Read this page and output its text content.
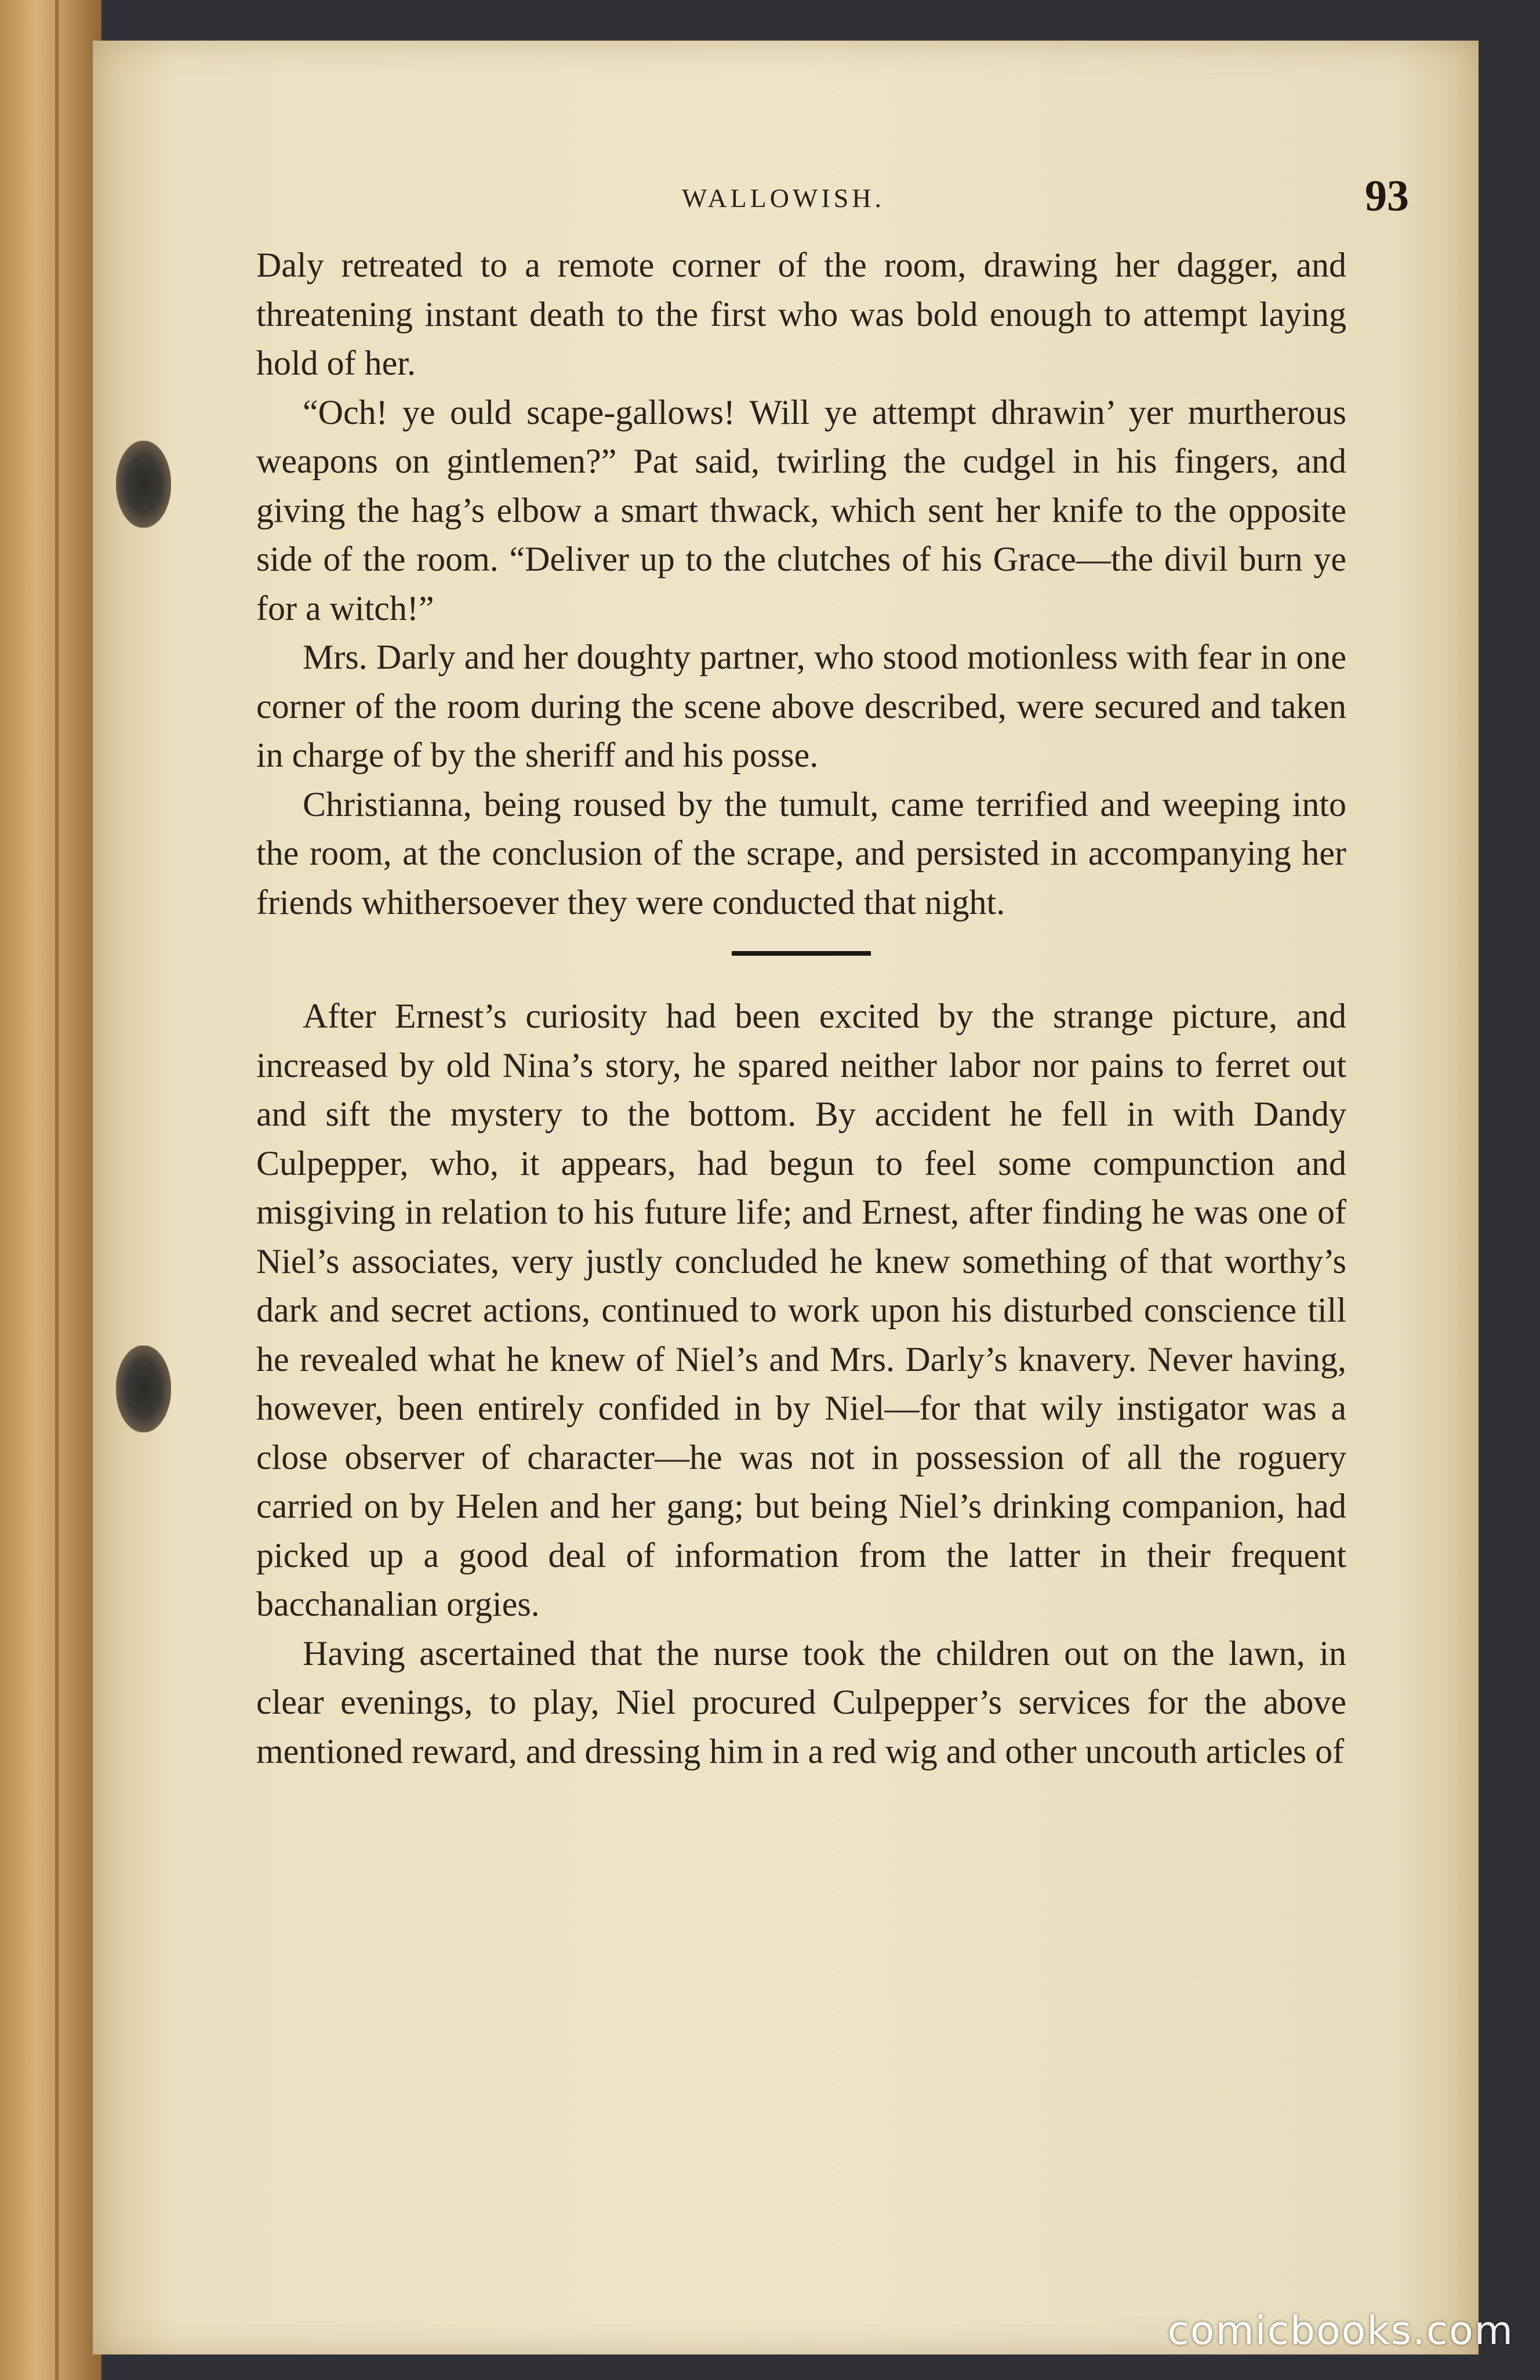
WALLOWISH.	93

Daly retreated to a remote corner of the room, drawing her dagger, and threatening instant death to the first who was bold enough to attempt laying hold of her.

“Och! ye ould scape-gallows! Will ye attempt dhrawin’ yer murtherous weapons on gintlemen?” Pat said, twirling the cudgel in his fingers, and giving the hag’s elbow a smart thwack, which sent her knife to the opposite side of the room. “Deliver up to the clutches of his Grace—the divil burn ye for a witch!”

Mrs. Darly and her doughty partner, who stood motionless with fear in one corner of the room during the scene above described, were secured and taken in charge of by the sheriff and his posse.

Christianna, being roused by the tumult, came terrified and weeping into the room, at the conclusion of the scrape, and persisted in accompanying her friends whithersoever they were conducted that night.

After Ernest’s curiosity had been excited by the strange picture, and increased by old Nina’s story, he spared neither labor nor pains to ferret out and sift the mystery to the bottom. By accident he fell in with Dandy Culpepper, who, it appears, had begun to feel some compunction and misgiving in relation to his future life; and Ernest, after finding he was one of Niel’s associates, very justly concluded he knew something of that worthy’s dark and secret actions, continued to work upon his disturbed conscience till he revealed what he knew of Niel’s and Mrs. Darly’s knavery. Never having, however, been entirely confided in by Niel—for that wily instigator was a close observer of character—he was not in possession of all the roguery carried on by Helen and her gang; but being Niel’s drinking companion, had picked up a good deal of information from the latter in their frequent bacchanalian orgies.

Having ascertained that the nurse took the children out on the lawn, in clear evenings, to play, Niel procured Culpepper’s services for the above mentioned reward, and dressing him in a red wig and other uncouth articles of

comicbooks.com
